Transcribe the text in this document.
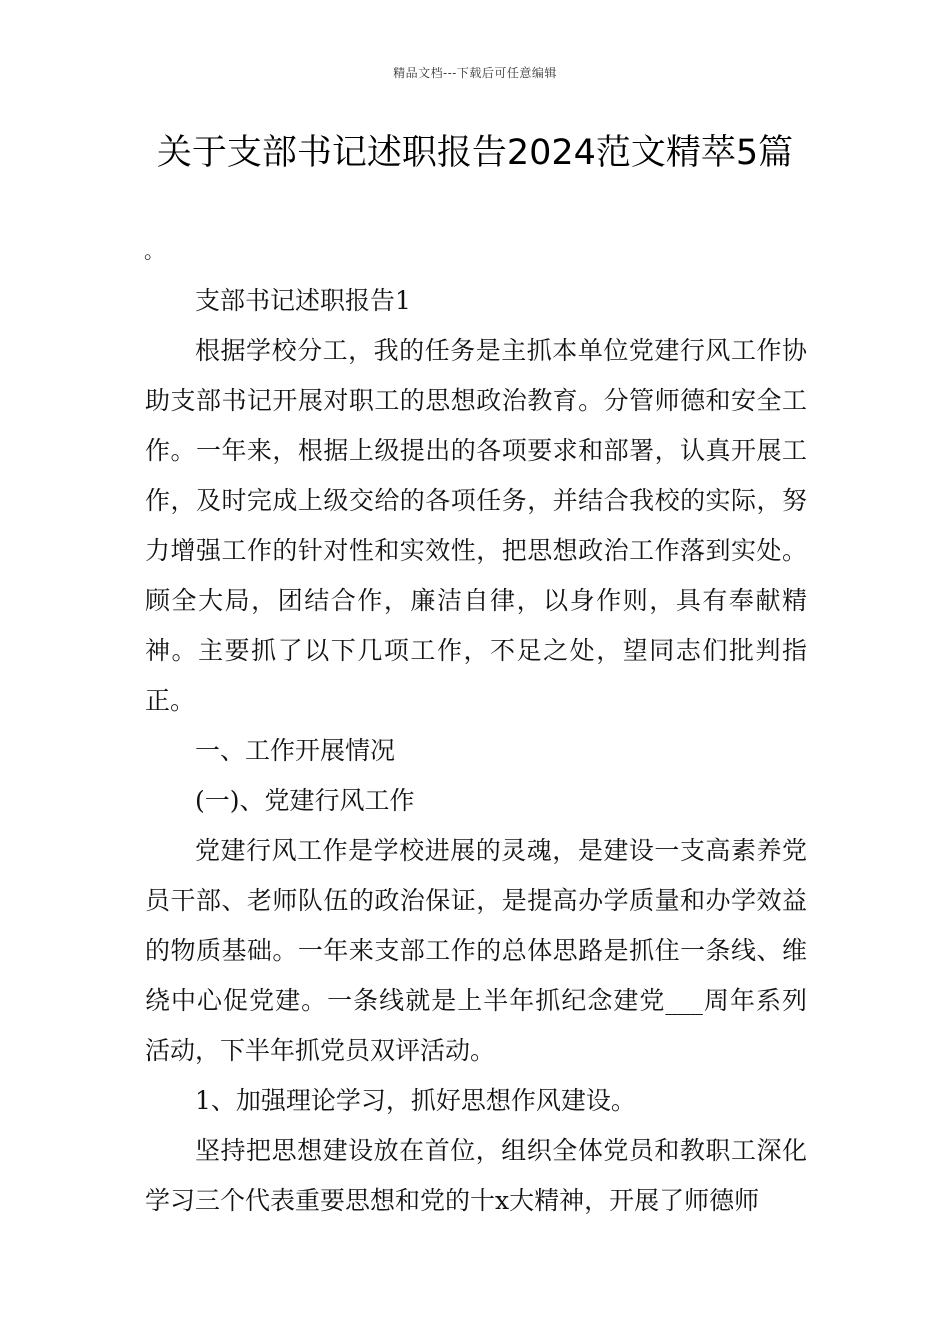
精品文档---下载后可任意编辑
关于支部书记述职报告2024范文精萃5篇
。

支部书记述职报告1

根据学校分工，我的任务是主抓本单位党建行风工作协助支部书记开展对职工的思想政治教育。分管师德和安全工作。一年来，根据上级提出的各项要求和部署，认真开展工作，及时完成上级交给的各项任务，并结合我校的实际，努力增强工作的针对性和实效性，把思想政治工作落到实处。顾全大局，团结合作，廉洁自律，以身作则，具有奉献精神。主要抓了以下几项工作，不足之处，望同志们批判指正。

一、工作开展情况

(一)、党建行风工作

党建行风工作是学校进展的灵魂，是建设一支高素养党员干部、老师队伍的政治保证，是提高办学质量和办学效益的物质基础。一年来支部工作的总体思路是抓住一条线、维绕中心促党建。一条线就是上半年抓纪念建党___周年系列活动，下半年抓党员双评活动。

1、加强理论学习，抓好思想作风建设。

坚持把思想建设放在首位，组织全体党员和教职工深化学习三个代表重要思想和党的十x大精神，开展了师德师
